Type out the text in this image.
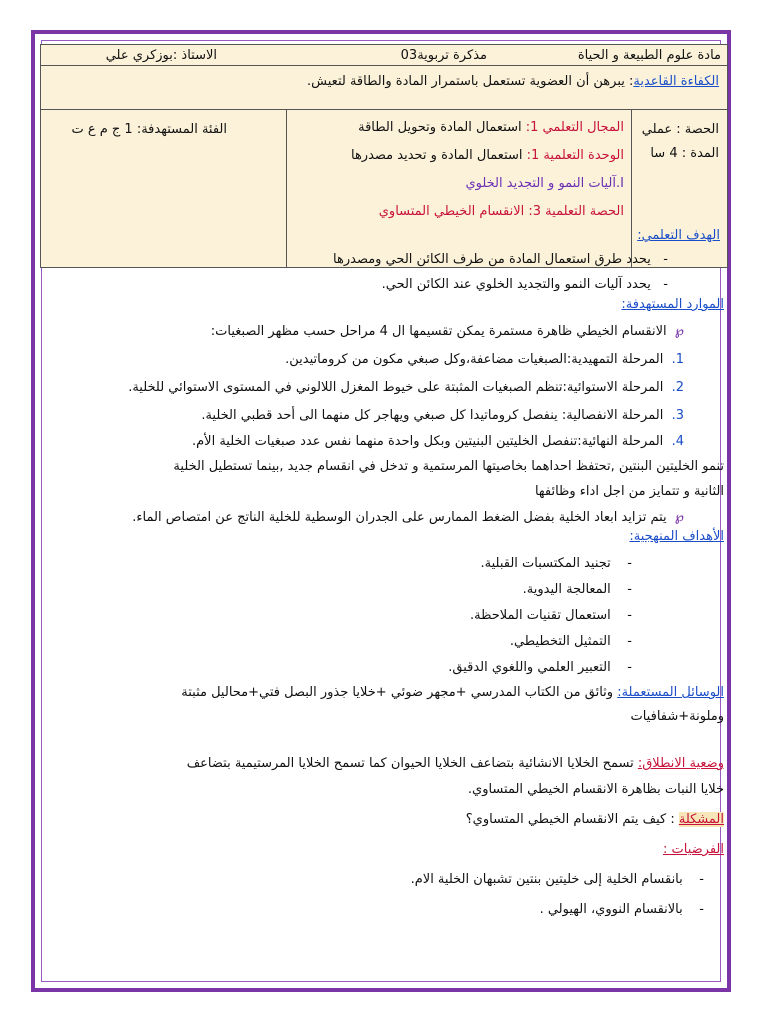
مادة علوم الطبيعة و الحياة
مذكرة تربوية03
الاستاذ :بوزكري علي
الكفاءة القاعدية: يبرهن أن العضوية تستعمل باستمرار المادة والطاقة لتعيش.
الحصة : عملي
المدة : 4 سا
المجال التعلمي 1: استعمال المادة وتحويل الطاقة
الوحدة التعلمية 1: استعمال المادة و تحديد مصدرها
I.آليات النمو و التجديد الخلوي
الحصة التعلمية 3: الانقسام الخيطي المتساوي
الفئة المستهدفة: 1 ج م ع ت
الهدف التعلمي:
-   يحدد طرق استعمال المادة من طرف الكائن الحي ومصدرها
-   يحدد آليات النمو والتجديد الخلوي عند الكائن الحي.
الموارد المستهدفة:
℘  الانقسام الخيطي ظاهرة مستمرة يمكن تقسيمها ال 4 مراحل حسب مظهر الصبغيات:
1.  المرحلة التمهيدية:الصبغيات مضاعفة،وكل صبغي مكون من كروماتيدين.
2.  المرحلة الاستوائية:تنظم الصبغيات المثبتة على خيوط المغزل اللالوني في المستوى الاستوائي للخلية.
3.  المرحلة الانفصالية: ينفصل كروماتيدا كل صبغي ويهاجر كل منهما الى أحد قطبي الخلية.
4.  المرحلة النهائية:تنفصل الخليتين البنيتين وبكل واحدة منهما نفس عدد صبغيات الخلية الأم.
تنمو الخليتين البنتين ,تحتفظ احداهما بخاصيتها المرستمية و تدخل في انقسام جديد ,بينما تستطيل الخلية
الثانية و تتمايز من اجل اداء وظائفها
℘  يتم تزايد ابعاد الخلية بفضل الضغط الممارس على الجدران الوسطية للخلية الناتج عن امتصاص الماء.
الأهداف المنهجية:
-    تجنيد المكتسبات القبلية.
-    المعالجة اليدوية.
-    استعمال تقنيات الملاحظة.
-    التمثيل التخطيطي.
-    التعبير العلمي واللغوي الدقيق.
الوسائل المستعملة: وثائق من الكتاب المدرسي +مجهر ضوئي +خلايا جذور البصل فتي+محاليل مثبتة
وملونة+شفافيات
وضعية الانطلاق: تسمح الخلايا الانشائية بتضاعف الخلايا الحيوان كما تسمح الخلايا المرستيمية بتضاعف
خلايا النبات بظاهرة الانقسام الخيطي المتساوي.
المشكلة : كيف يتم الانقسام الخيطي المتساوي؟
الفرضيات :
-    بانقسام الخلية إلى خليتين بنتين تشبهان الخلية الام.
-    بالانقسام النووي، الهيولي .
